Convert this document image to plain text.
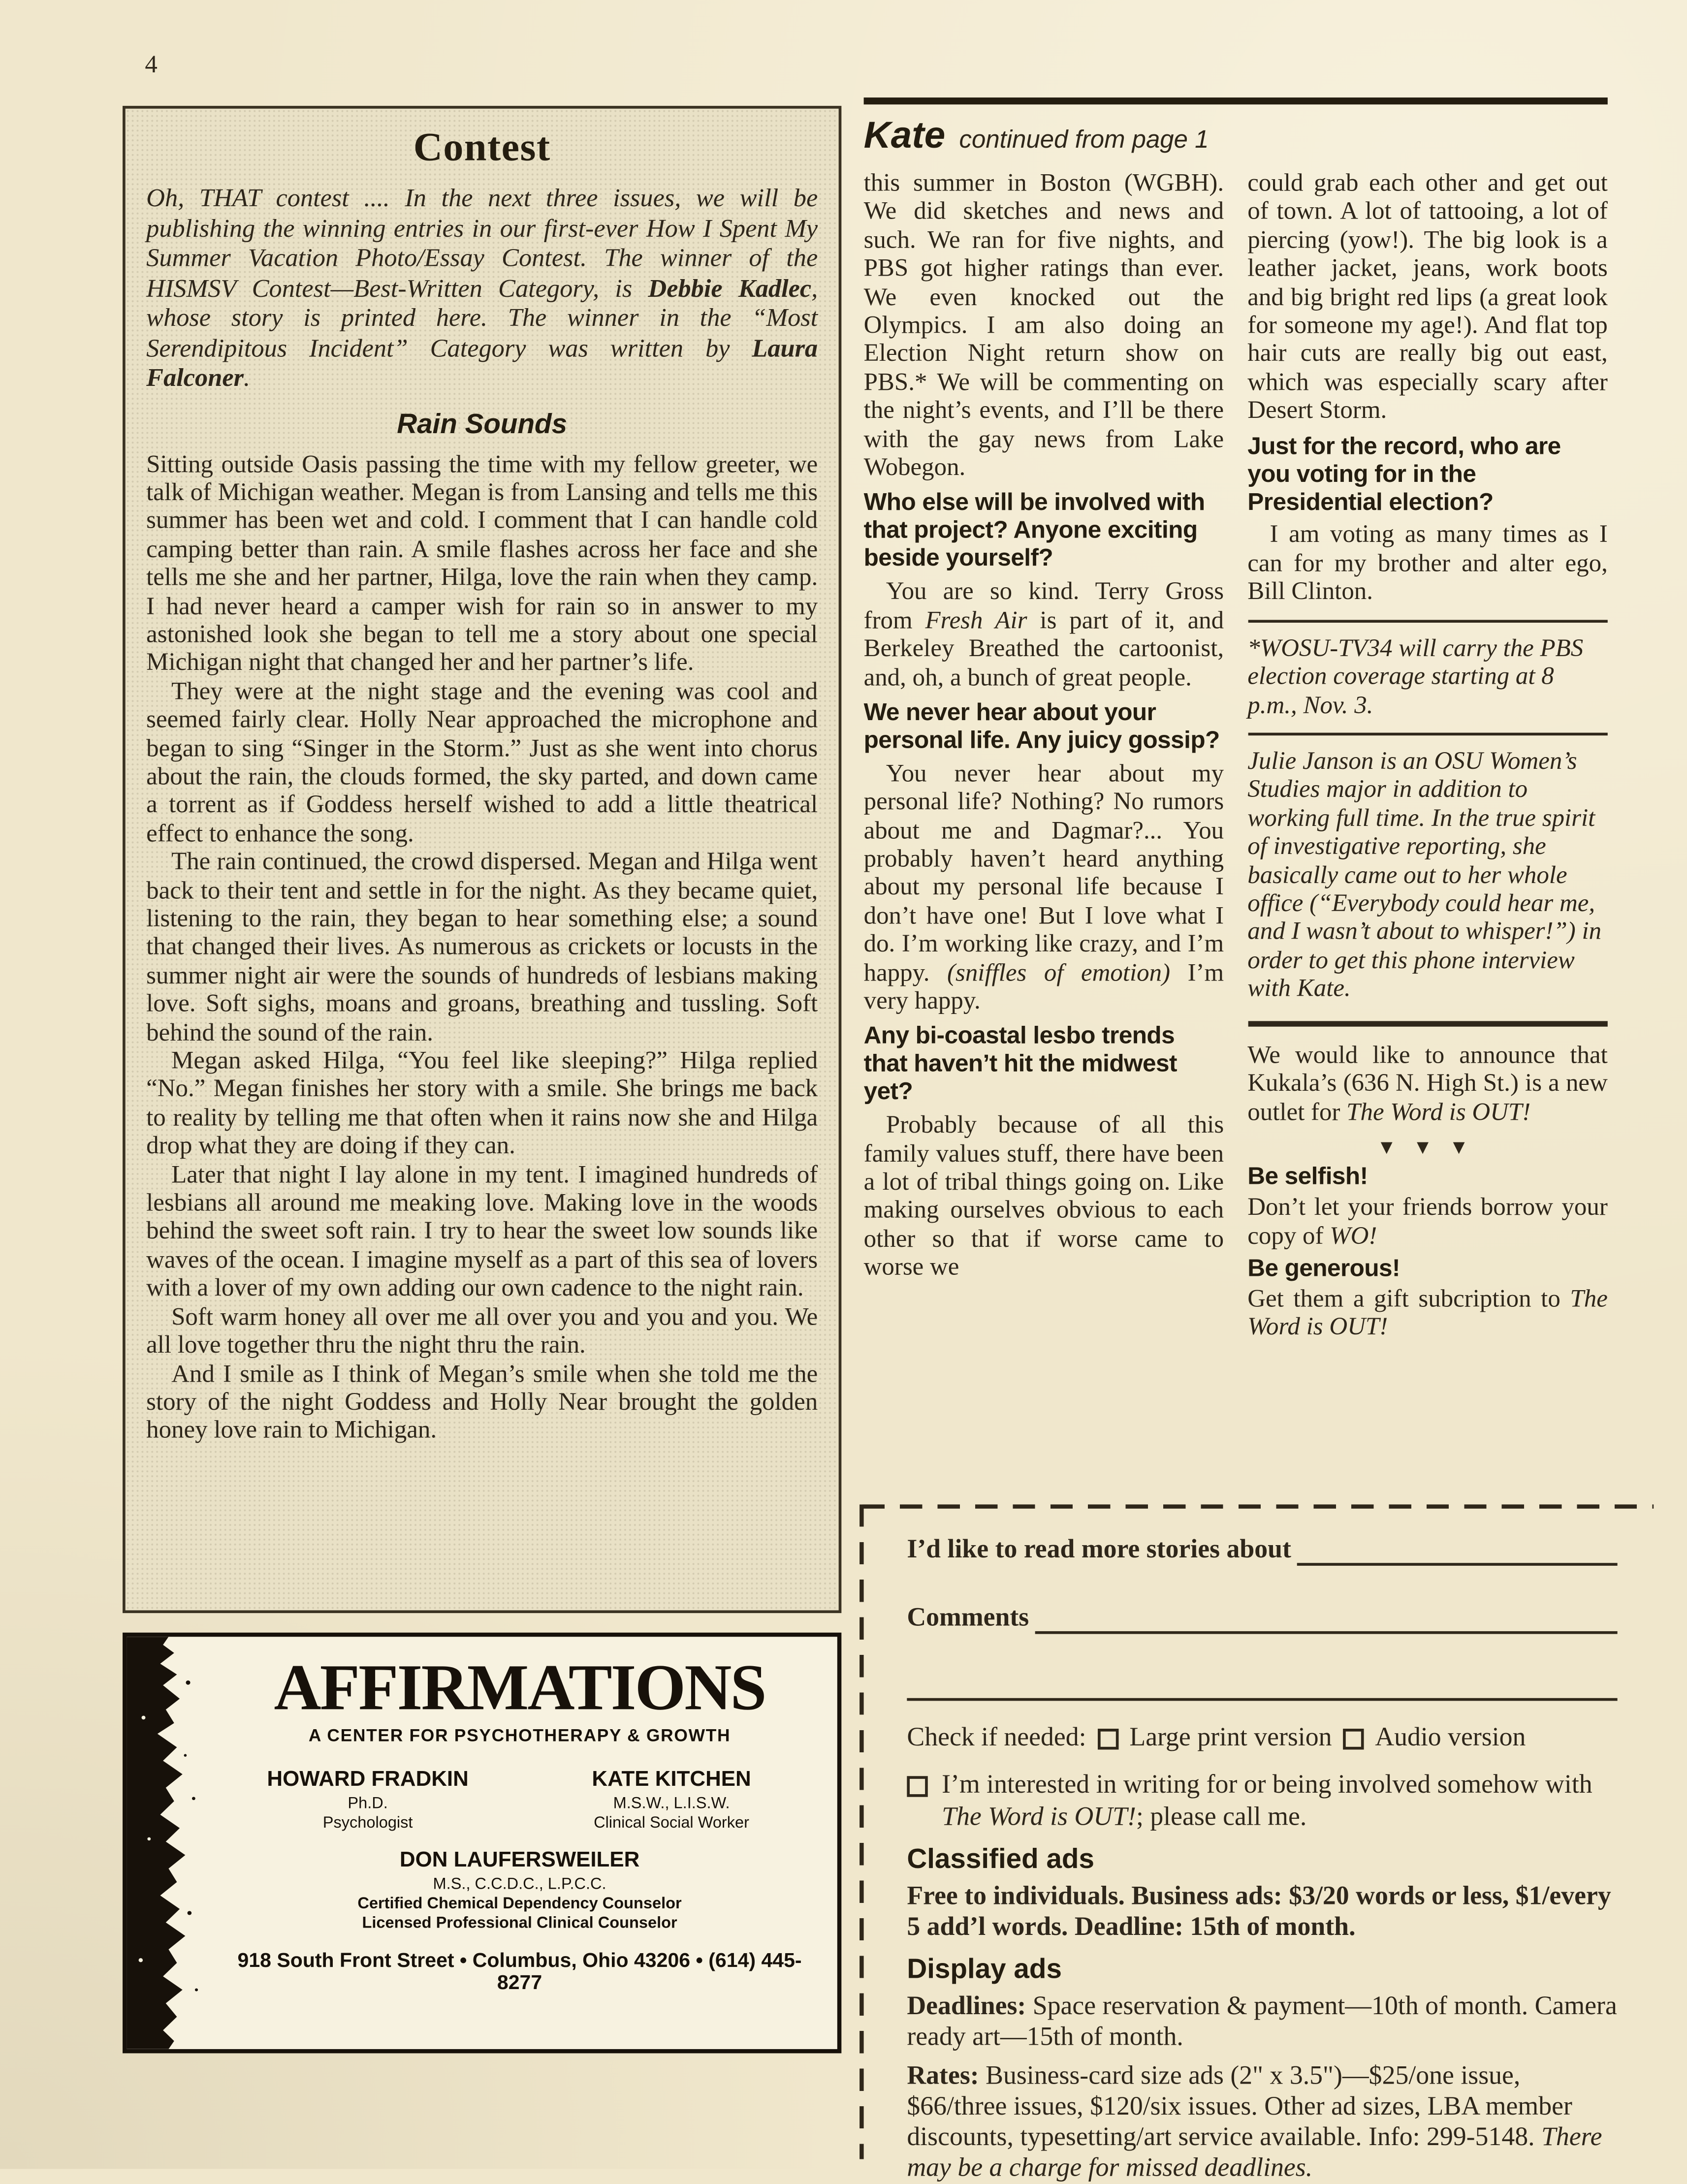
4
Contest

Oh, THAT contest .... In the next three issues, we will be publishing the winning entries in our first-ever How I Spent My Summer Vacation Photo/Essay Contest. The winner of the HISMSV Contest—Best-Written Category, is Debbie Kadlec, whose story is printed here. The winner in the “Most Serendipitous Incident” Category was written by Laura Falconer.

Rain Sounds

Sitting outside Oasis passing the time with my fellow greeter, we talk of Michigan weather. Megan is from Lansing and tells me this summer has been wet and cold. I comment that I can handle cold camping better than rain. A smile flashes across her face and she tells me she and her partner, Hilga, love the rain when they camp. I had never heard a camper wish for rain so in answer to my astonished look she began to tell me a story about one special Michigan night that changed her and her partner’s life.

They were at the night stage and the evening was cool and seemed fairly clear. Holly Near approached the microphone and began to sing “Singer in the Storm.” Just as she went into chorus about the rain, the clouds formed, the sky parted, and down came a torrent as if Goddess herself wished to add a little theatrical effect to enhance the song.

The rain continued, the crowd dispersed. Megan and Hilga went back to their tent and settle in for the night. As they became quiet, listening to the rain, they began to hear something else; a sound that changed their lives. As numerous as crickets or locusts in the summer night air were the sounds of hundreds of lesbians making love. Soft sighs, moans and groans, breathing and tussling. Soft behind the sound of the rain.

Megan asked Hilga, “You feel like sleeping?” Hilga replied “No.” Megan finishes her story with a smile. She brings me back to reality by telling me that often when it rains now she and Hilga drop what they are doing if they can.

Later that night I lay alone in my tent. I imagined hundreds of lesbians all around me meaking love. Making love in the woods behind the sweet soft rain. I try to hear the sweet low sounds like waves of the ocean. I imagine myself as a part of this sea of lovers with a lover of my own adding our own cadence to the night rain.

Soft warm honey all over me all over you and you and you. We all love together thru the night thru the rain.

And I smile as I think of Megan’s smile when she told me the story of the night Goddess and Holly Near brought the golden honey love rain to Michigan.

AFFIRMATIONS
A CENTER FOR PSYCHOTHERAPY & GROWTH
HOWARD FRADKIN
Ph.D.
Psychologist
KATE KITCHEN
M.S.W., L.I.S.W.
Clinical Social Worker
DON LAUFERSWEILER
M.S., C.C.D.C., L.P.C.C.
Certified Chemical Dependency Counselor
Licensed Professional Clinical Counselor
918 South Front Street • Columbus, Ohio 43206 • (614) 445-8277
Kate continued from page 1

this summer in Boston (WGBH). We did sketches and news and such. We ran for five nights, and PBS got higher ratings than ever. We even knocked out the Olympics. I am also doing an Election Night return show on PBS.* We will be commenting on the night’s events, and I’ll be there with the gay news from Lake Wobegon.

Who else will be involved with that project? Anyone exciting beside yourself?

You are so kind. Terry Gross from Fresh Air is part of it, and Berkeley Breathed the cartoonist, and, oh, a bunch of great people.

We never hear about your personal life. Any juicy gossip?

You never hear about my personal life? Nothing? No rumors about me and Dagmar?... You probably haven’t heard anything about my personal life because I don’t have one! But I love what I do. I’m working like crazy, and I’m happy. (sniffles of emotion) I’m very happy.

Any bi-coastal lesbo trends that haven’t hit the midwest yet?

Probably because of all this family values stuff, there have been a lot of tribal things going on. Like making ourselves obvious to each other so that if worse came to worse we

could grab each other and get out of town. A lot of tattooing, a lot of piercing (yow!). The big look is a leather jacket, jeans, work boots and big bright red lips (a great look for someone my age!). And flat top hair cuts are really big out east, which was especially scary after Desert Storm.

Just for the record, who are you voting for in the Presidential election?

I am voting as many times as I can for my brother and alter ego, Bill Clinton.

*WOSU-TV34 will carry the PBS election coverage starting at 8 p.m., Nov. 3.

Julie Janson is an OSU Women’s Studies major in addition to working full time. In the true spirit of investigative reporting, she basically came out to her whole office (“Everybody could hear me, and I wasn’t about to whisper!”) in order to get this phone interview with Kate.

We would like to announce that Kukala’s (636 N. High St.) is a new outlet for The Word is OUT!

▼ ▼ ▼
Be selfish!

Don’t let your friends borrow your copy of WO!

Be generous!

Get them a gift subcription to The Word is OUT!

I’d like to read more stories about
Comments
Check if needed:	Large print version	Audio version
I’m interested in writing for or being involved somehow with The Word is OUT!; please call me.
Classified ads

Free to individuals. Business ads: $3/20 words or less, $1/every 5 add’l words. Deadline: 15th of month.

Display ads

Deadlines: Space reservation & payment—10th of month. Camera ready art—15th of month.

Rates: Business-card size ads (2" x 3.5")—$25/one issue, $66/three issues, $120/six issues. Other ad sizes, LBA member discounts, typesetting/art service available. Info: 299-5148. There may be a charge for missed deadlines.
